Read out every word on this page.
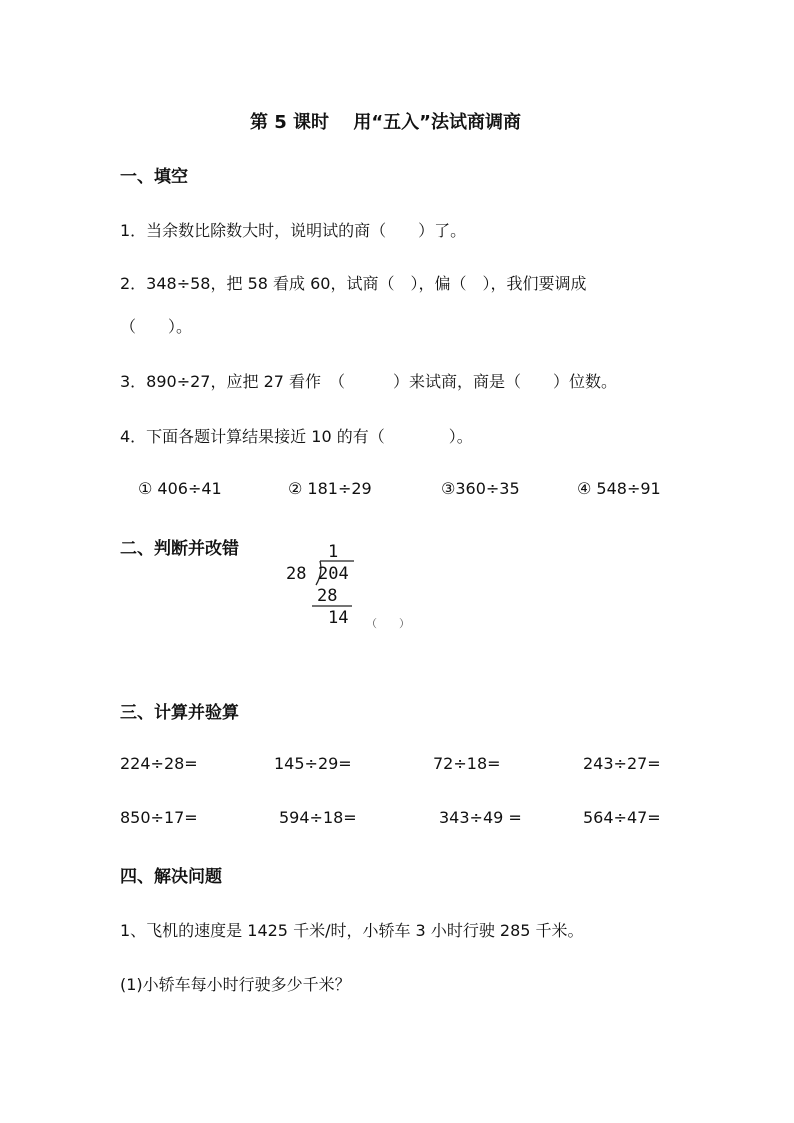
第 5 课时　 用“五入”法试商调商
一、填空
1．当余数比除数大时，说明试的商（　　）了。
2．348÷58，把 58 看成 60，试商（　），偏（　），我们要调成
（　　）。
3．890÷27，应把 27 看作　（　　　）来试商，商是（　　）位数。
4．下面各题计算结果接近 10 的有（　　　　）。
① 406÷41	② 181÷29	③360÷35	④ 548÷91
二、判断并改错	1
28 204
28
14 （　　）
三、计算并验算
224÷28=	145÷29=	72÷18=	243÷27=
850÷17=	594÷18=	343÷49 =	564÷47=
四、解决问题
1、飞机的速度是 1425 千米/时，小轿车 3 小时行驶 285 千米。
(1)小轿车每小时行驶多少千米？
